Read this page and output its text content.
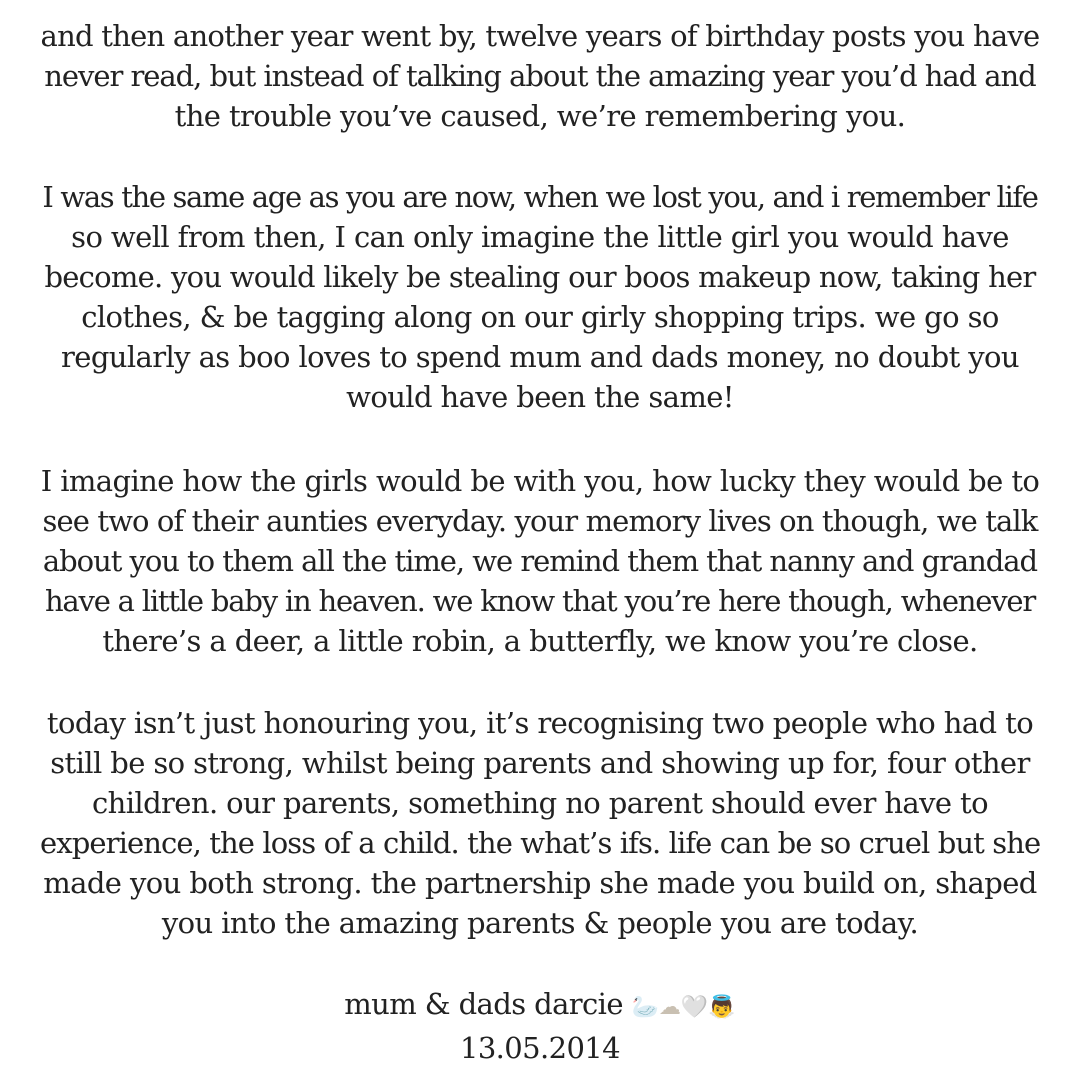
and then another year went by, twelve years of birthday posts you have
never read, but instead of talking about the amazing year you’d had and
the trouble you’ve caused, we’re remembering you.
I was the same age as you are now, when we lost you, and i remember life
so well from then, I can only imagine the little girl you would have
become. you would likely be stealing our boos makeup now, taking her
clothes, & be tagging along on our girly shopping trips. we go so
regularly as boo loves to spend mum and dads money, no doubt you
would have been the same!
I imagine how the girls would be with you, how lucky they would be to
see two of their aunties everyday. your memory lives on though, we talk
about you to them all the time, we remind them that nanny and grandad
have a little baby in heaven. we know that you’re here though, whenever
there’s a deer, a little robin, a butterfly, we know you’re close.
today isn’t just honouring you, it’s recognising two people who had to
still be so strong, whilst being parents and showing up for, four other
children. our parents, something no parent should ever have to
experience, the loss of a child. the what’s ifs. life can be so cruel but she
made you both strong. the partnership she made you build on, shaped
you into the amazing parents & people you are today.
mum & dads darcie 🦢☁🤍👼
13.05.2014
